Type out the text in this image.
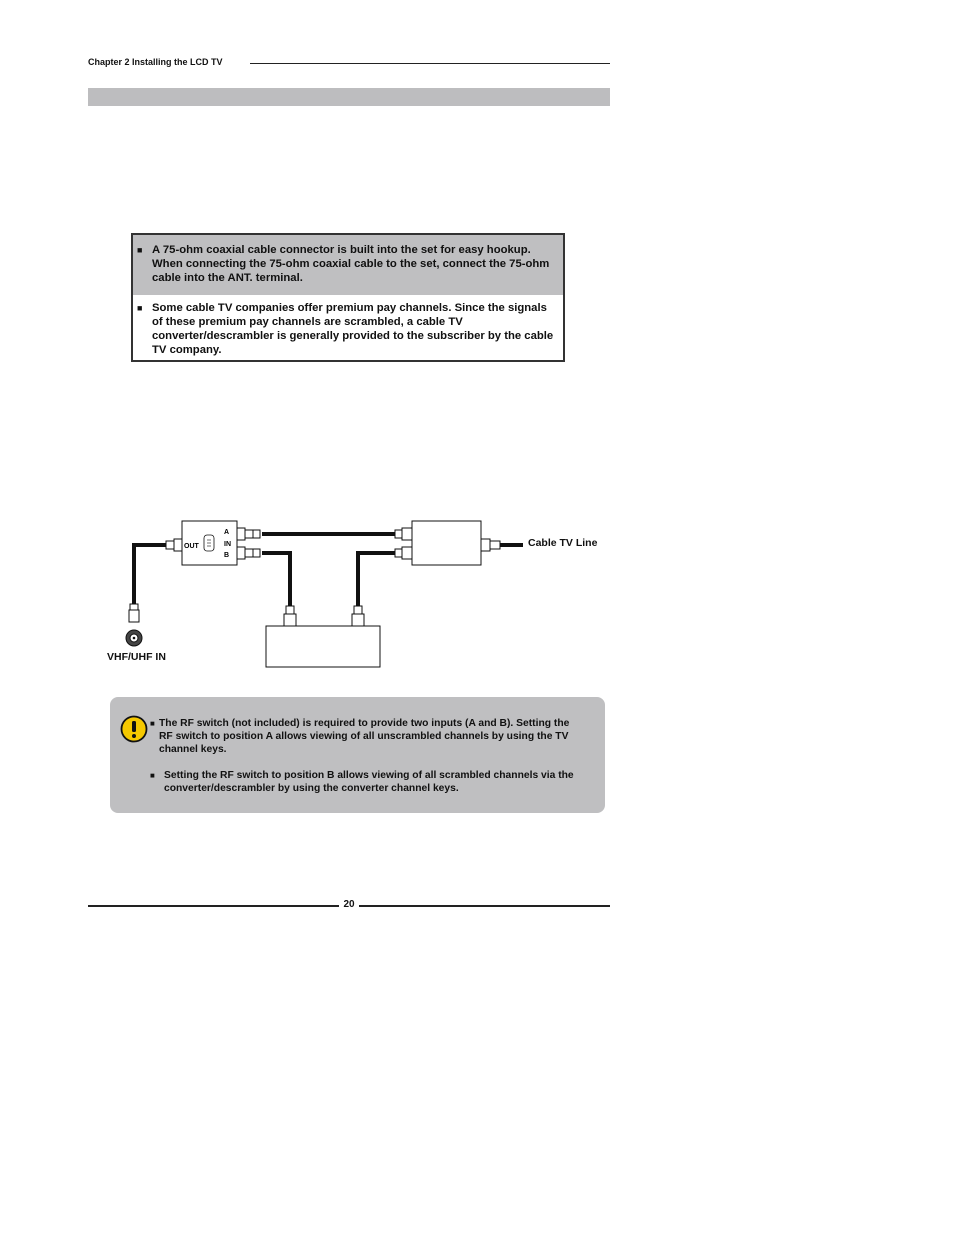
Chapter 2 Installing the LCD TV
■ A 75-ohm coaxial cable connector is built into the set for easy hookup. When connecting the 75-ohm coaxial cable to the set, connect the 75-ohm cable into the ANT. terminal.
■ Some cable TV companies offer premium pay channels. Since the signals of these premium pay channels are scrambled, a cable TV converter/descrambler is generally provided to the subscriber by the cable TV company.
OUT
A
IN
B
Cable TV Line
VHF/UHF IN
■ The RF switch (not included) is required to provide two inputs (A and B). Setting the RF switch to position A allows viewing of all unscrambled channels by using the TV channel keys.
■ Setting the RF switch to position B allows viewing of all scrambled channels via the converter/descrambler by using the converter channel keys.
20
